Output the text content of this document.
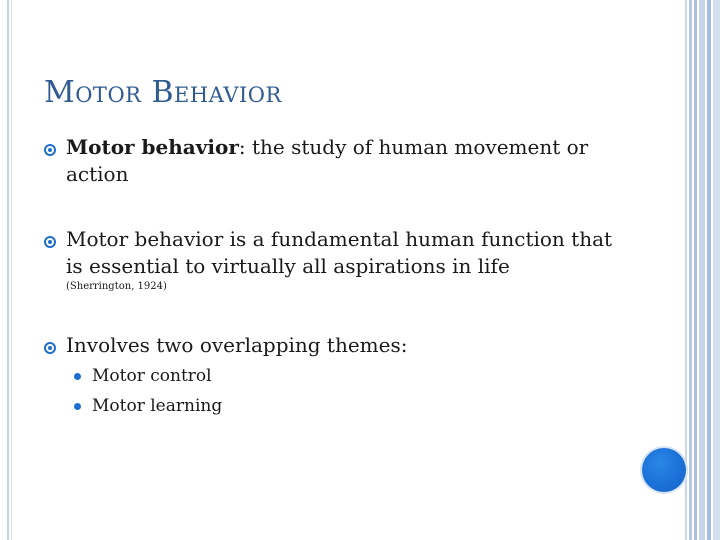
Motor Behavior
Motor behavior: the study of human movement or action
Motor behavior is a fundamental human function that is essential to virtually all aspirations in life
(Sherrington, 1924)
Involves two overlapping themes:
Motor control
Motor learning
